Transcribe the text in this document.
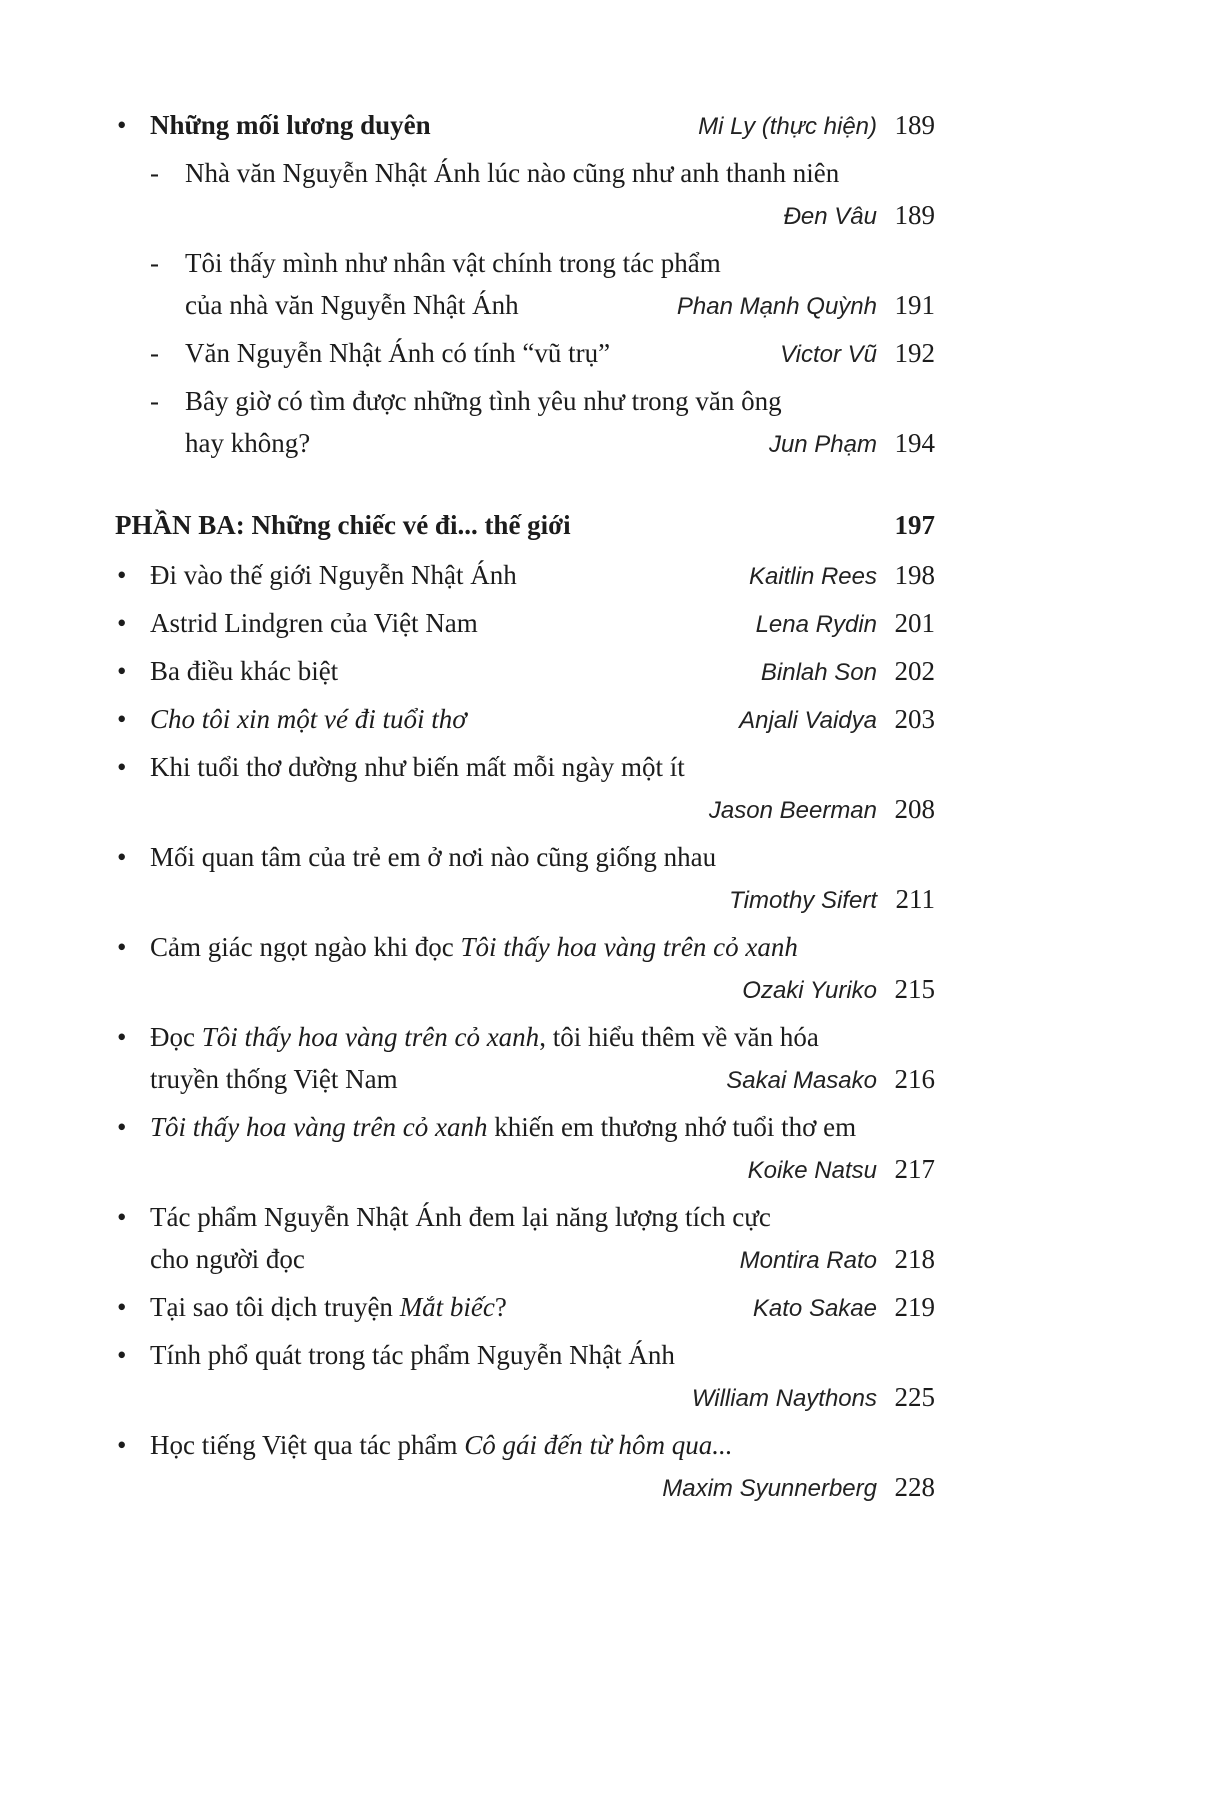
• Những mối lương duyên	Mi Ly (thực hiện) 189
- Nhà văn Nguyễn Nhật Ánh lúc nào cũng như anh thanh niên
Đen Vâu 189
- Tôi thấy mình như nhân vật chính trong tác phẩm
của nhà văn Nguyễn Nhật Ánh	Phan Mạnh Quỳnh 191
- Văn Nguyễn Nhật Ánh có tính “vũ trụ”	Victor Vũ 192
- Bây giờ có tìm được những tình yêu như trong văn ông
hay không?	Jun Phạm 194
PHẦN BA: Những chiếc vé đi... thế giới	197
• Đi vào thế giới Nguyễn Nhật Ánh	Kaitlin Rees 198
• Astrid Lindgren của Việt Nam	Lena Rydin 201
• Ba điều khác biệt	Binlah Son 202
• Cho tôi xin một vé đi tuổi thơ	Anjali Vaidya 203
• Khi tuổi thơ dường như biến mất mỗi ngày một ít
Jason Beerman 208
• Mối quan tâm của trẻ em ở nơi nào cũng giống nhau
Timothy Sifert 211
• Cảm giác ngọt ngào khi đọc Tôi thấy hoa vàng trên cỏ xanh
Ozaki Yuriko 215
• Đọc Tôi thấy hoa vàng trên cỏ xanh, tôi hiểu thêm về văn hóa
truyền thống Việt Nam	Sakai Masako 216
• Tôi thấy hoa vàng trên cỏ xanh khiến em thương nhớ tuổi thơ em
Koike Natsu 217
• Tác phẩm Nguyễn Nhật Ánh đem lại năng lượng tích cực
cho người đọc	Montira Rato 218
• Tại sao tôi dịch truyện Mắt biếc?	Kato Sakae 219
• Tính phổ quát trong tác phẩm Nguyễn Nhật Ánh
William Naythons 225
• Học tiếng Việt qua tác phẩm Cô gái đến từ hôm qua...
Maxim Syunnerberg 228
